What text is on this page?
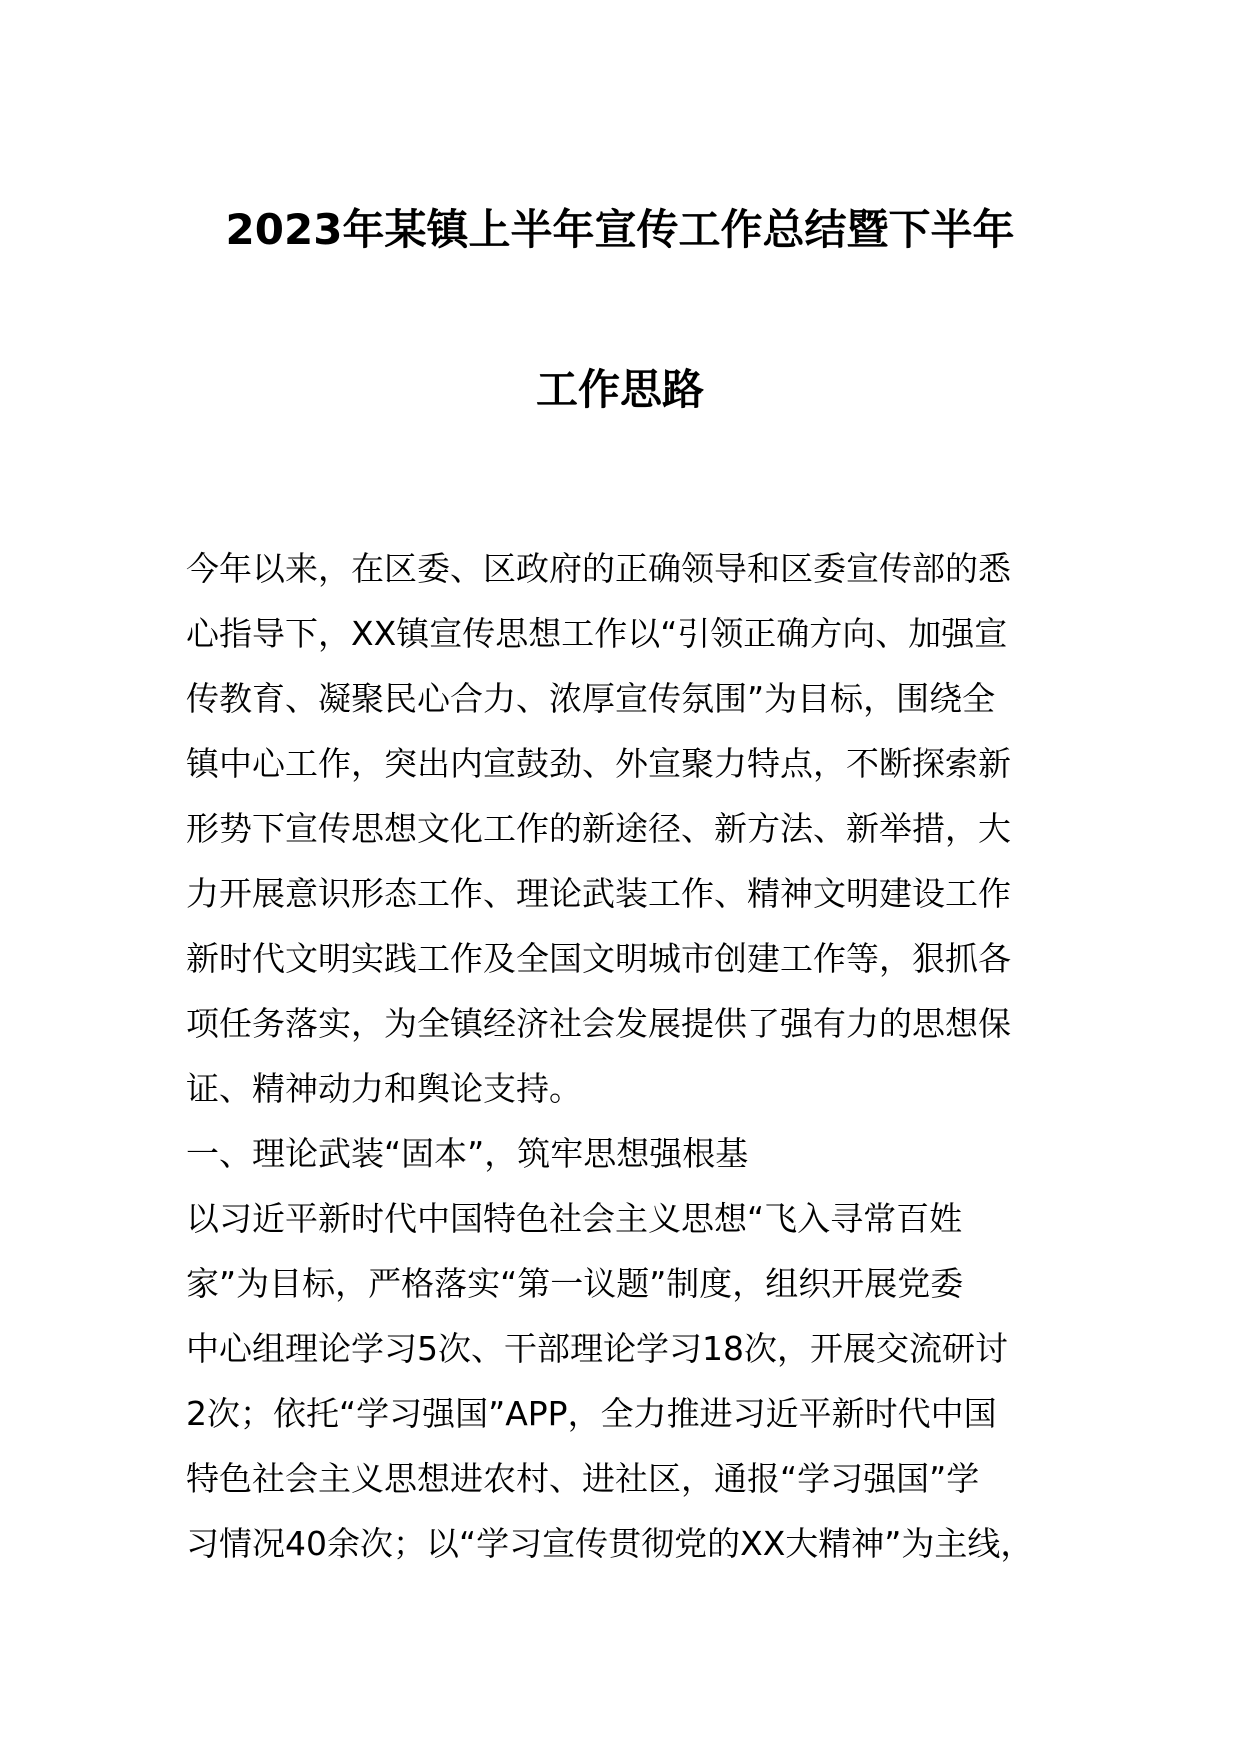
2023年某镇上半年宣传工作总结暨下半年
工作思路
今年以来，在区委、区政府的正确领导和区委宣传部的悉
心指导下，XX镇宣传思想工作以“引领正确方向、加强宣
传教育、凝聚民心合力、浓厚宣传氛围”为目标，围绕全
镇中心工作，突出内宣鼓劲、外宣聚力特点，不断探索新
形势下宣传思想文化工作的新途径、新方法、新举措，大
力开展意识形态工作、理论武装工作、精神文明建设工作
新时代文明实践工作及全国文明城市创建工作等，狠抓各
项任务落实，为全镇经济社会发展提供了强有力的思想保
证、精神动力和舆论支持。
一、理论武装“固本”，筑牢思想强根基
以习近平新时代中国特色社会主义思想“飞入寻常百姓
家”为目标，严格落实“第一议题”制度，组织开展党委
中心组理论学习5次、干部理论学习18次，开展交流研讨
2次；依托“学习强国”APP，全力推进习近平新时代中国
特色社会主义思想进农村、进社区，通报“学习强国”学
习情况40余次；以“学习宣传贯彻党的XX大精神”为主线，
